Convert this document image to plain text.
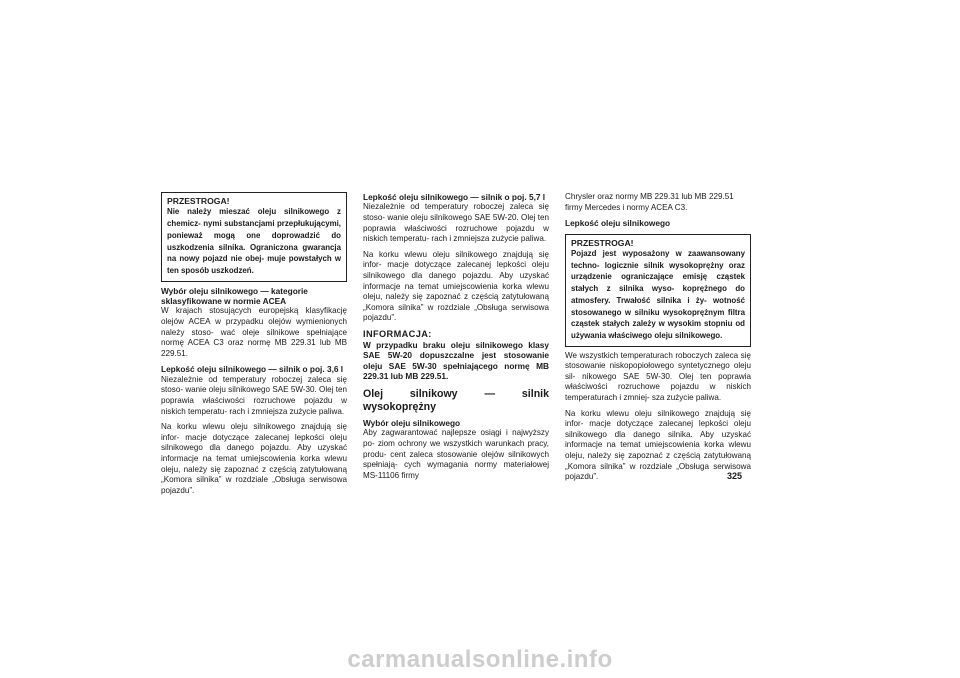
PRZESTROGA!
Nie należy mieszać oleju silnikowego z chemicz- nymi substancjami przepłukującymi, ponieważ mogą one doprowadzić do uszkodzenia silnika. Ograniczona gwarancja na nowy pojazd nie obej- muje powstałych w ten sposób uszkodzeń.

Wybór oleju silnikowego — kategorie sklasyfikowane w normie ACEA

W krajach stosujących europejską klasyfikację olejów ACEA w przypadku olejów wymienionych należy stoso- wać oleje silnikowe spełniające normę ACEA C3 oraz normę MB 229.31 lub MB 229.51.

Lepkość oleju silnikowego — silnik o poj. 3,6 l

Niezależnie od temperatury roboczej zaleca się stoso- wanie oleju silnikowego SAE 5W-30. Olej ten poprawia właściwości rozruchowe pojazdu w niskich temperatu- rach i zmniejsza zużycie paliwa.

Na korku wlewu oleju silnikowego znajdują się infor- macje dotyczące zalecanej lepkości oleju silnikowego dla danego pojazdu. Aby uzyskać informacje na temat umiejscowienia korka wlewu oleju, należy się zapoznać z częścią zatytułowaną „Komora silnika” w rozdziale „Obsługa serwisowa pojazdu”.

Lepkość oleju silnikowego — silnik o poj. 5,7 l

Niezależnie od temperatury roboczej zaleca się stoso- wanie oleju silnikowego SAE 5W-20. Olej ten poprawia właściwości rozruchowe pojazdu w niskich temperatu- rach i zmniejsza zużycie paliwa.

Na korku wlewu oleju silnikowego znajdują się infor- macje dotyczące zalecanej lepkości oleju silnikowego dla danego pojazdu. Aby uzyskać informacje na temat umiejscowienia korka wlewu oleju, należy się zapoznać z częścią zatytułowaną „Komora silnika” w rozdziale „Obsługa serwisowa pojazdu”.

INFORMACJA:

W przypadku braku oleju silnikowego klasy SAE 5W-20 dopuszczalne jest stosowanie oleju SAE 5W-30 spełniającego normę MB 229.31 lub MB 229.51.

Olej silnikowy — silnik wysokoprężny

Wybór oleju silnikowego

Aby zagwarantować najlepsze osiągi i najwyższy po- ziom ochrony we wszystkich warunkach pracy, produ- cent zaleca stosowanie olejów silnikowych spełniają- cych wymagania normy materiałowej MS-11106 firmy

Chrysler oraz normy MB 229.31 lub MB 229.51 firmy Mercedes i normy ACEA C3.

Lepkość oleju silnikowego

PRZESTROGA!
Pojazd jest wyposażony w zaawansowany techno- logicznie silnik wysokoprężny oraz urządzenie ograniczające emisję cząstek stałych z silnika wyso- koprężnego do atmosfery. Trwałość silnika i ży- wotność stosowanego w silniku wysokoprężnym filtra cząstek stałych zależy w wysokim stopniu od używania właściwego oleju silnikowego.

We wszystkich temperaturach roboczych zaleca się stosowanie niskopopiołowego syntetycznego oleju sil- nikowego SAE 5W-30. Olej ten poprawia właściwości rozruchowe pojazdu w niskich temperaturach i zmniej- sza zużycie paliwa.

Na korku wlewu oleju silnikowego znajdują się infor- macje dotyczące zalecanej lepkości oleju silnikowego dla danego silnika. Aby uzyskać informacje na temat umiejscowienia korka wlewu oleju, należy się zapoznać z częścią zatytułowaną „Komora silnika” w rozdziale „Obsługa serwisowa pojazdu”.	325
carmanualsonline.info
